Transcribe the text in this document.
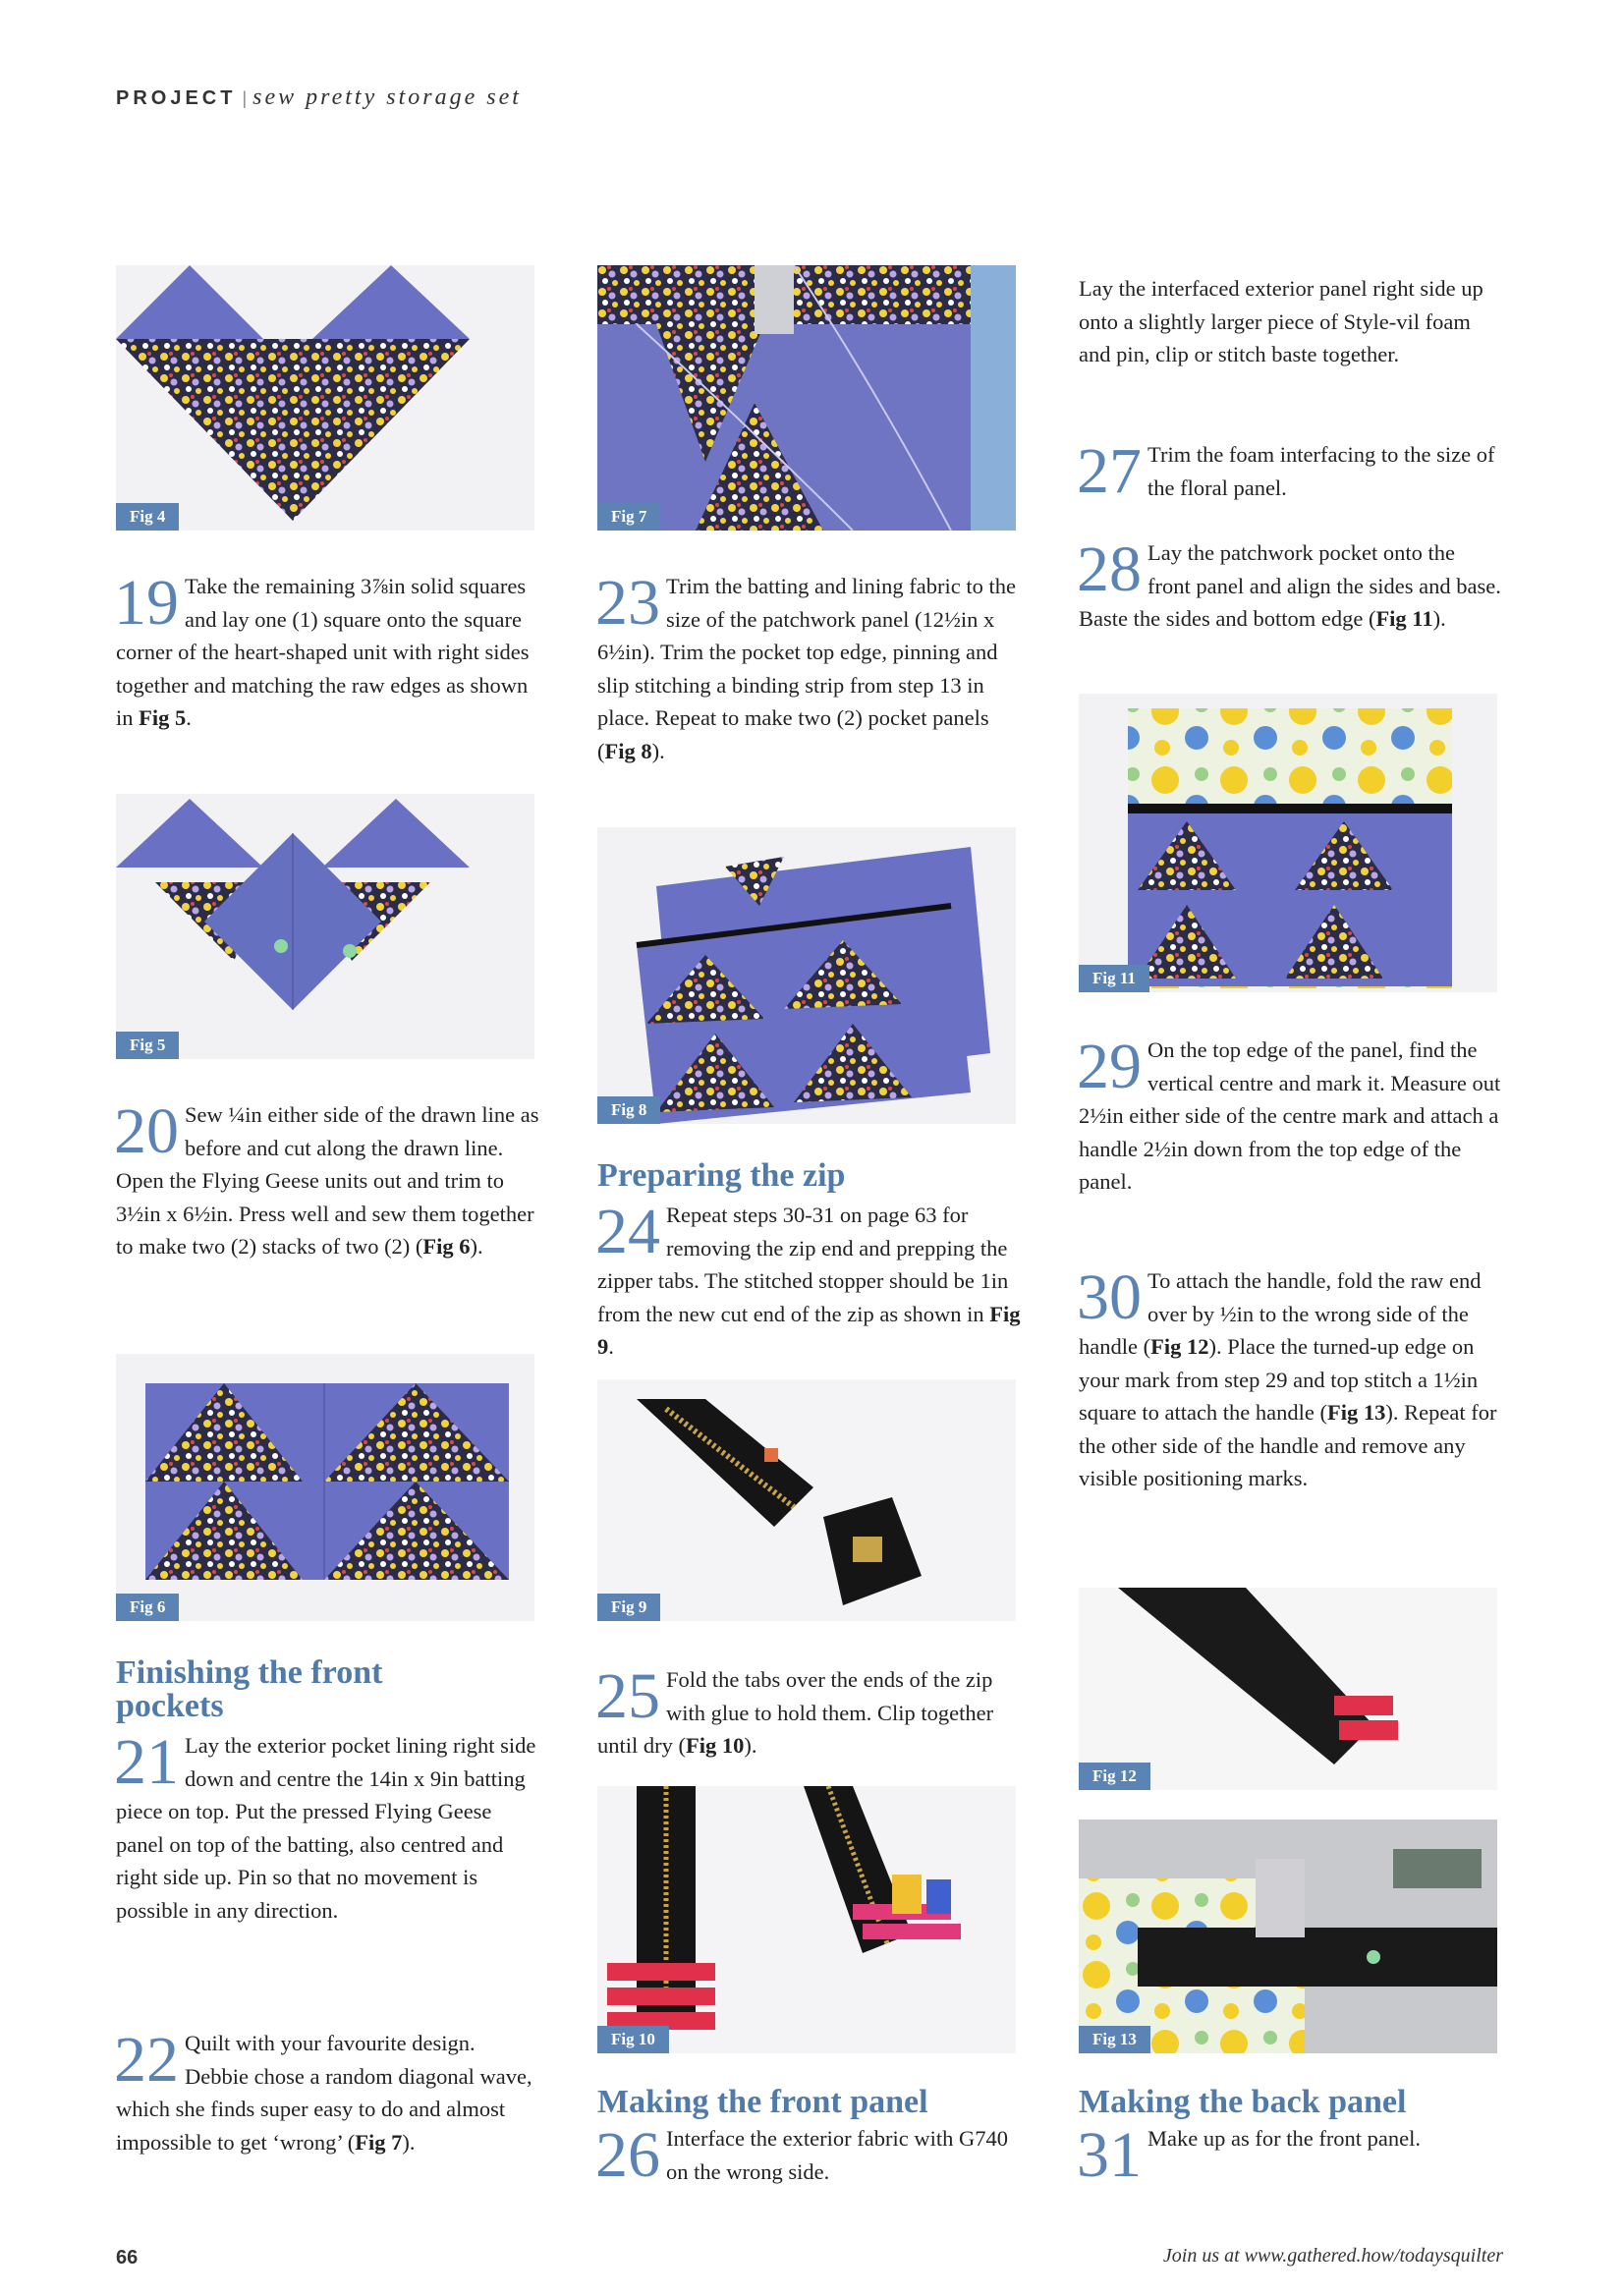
PROJECT | sew pretty storage set
Fig 4
19 Take the remaining 3⅞in solid squares and lay one (1) square onto the square corner of the heart-shaped unit with right sides together and matching the raw edges as shown in Fig 5.
Fig 5
20 Sew ¼in either side of the drawn line as before and cut along the drawn line. Open the Flying Geese units out and trim to 3½in x 6½in. Press well and sew them together to make two (2) stacks of two (2) (Fig 6).
Fig 6
Finishing the front pockets
21 Lay the exterior pocket lining right side down and centre the 14in x 9in batting piece on top. Put the pressed Flying Geese panel on top of the batting, also centred and right side up. Pin so that no movement is possible in any direction.
22 Quilt with your favourite design. Debbie chose a random diagonal wave, which she finds super easy to do and almost impossible to get ‘wrong’ (Fig 7).
Fig 7
23 Trim the batting and lining fabric to the size of the patchwork panel (12½in x 6½in). Trim the pocket top edge, pinning and slip stitching a binding strip from step 13 in place. Repeat to make two (2) pocket panels (Fig 8).
Fig 8
Preparing the zip
24 Repeat steps 30-31 on page 63 for removing the zip end and prepping the zipper tabs. The stitched stopper should be 1in from the new cut end of the zip as shown in Fig 9.
Fig 9
25 Fold the tabs over the ends of the zip with glue to hold them. Clip together until dry (Fig 10).
Fig 10
Making the front panel
26 Interface the exterior fabric with G740 on the wrong side.
Lay the interfaced exterior panel right side up onto a slightly larger piece of Style-vil foam and pin, clip or stitch baste together.
27 Trim the foam interfacing to the size of the floral panel.
28 Lay the patchwork pocket onto the front panel and align the sides and base. Baste the sides and bottom edge (Fig 11).
Fig 11
29 On the top edge of the panel, find the vertical centre and mark it. Measure out 2½in either side of the centre mark and attach a handle 2½in down from the top edge of the panel.
30 To attach the handle, fold the raw end over by ½in to the wrong side of the handle (Fig 12). Place the turned-up edge on your mark from step 29 and top stitch a 1½in square to attach the handle (Fig 13). Repeat for the other side of the handle and remove any visible positioning marks.
Fig 12
Fig 13
Making the back panel
31 Make up as for the front panel.
66	Join us at www.gathered.how/todaysquilter
